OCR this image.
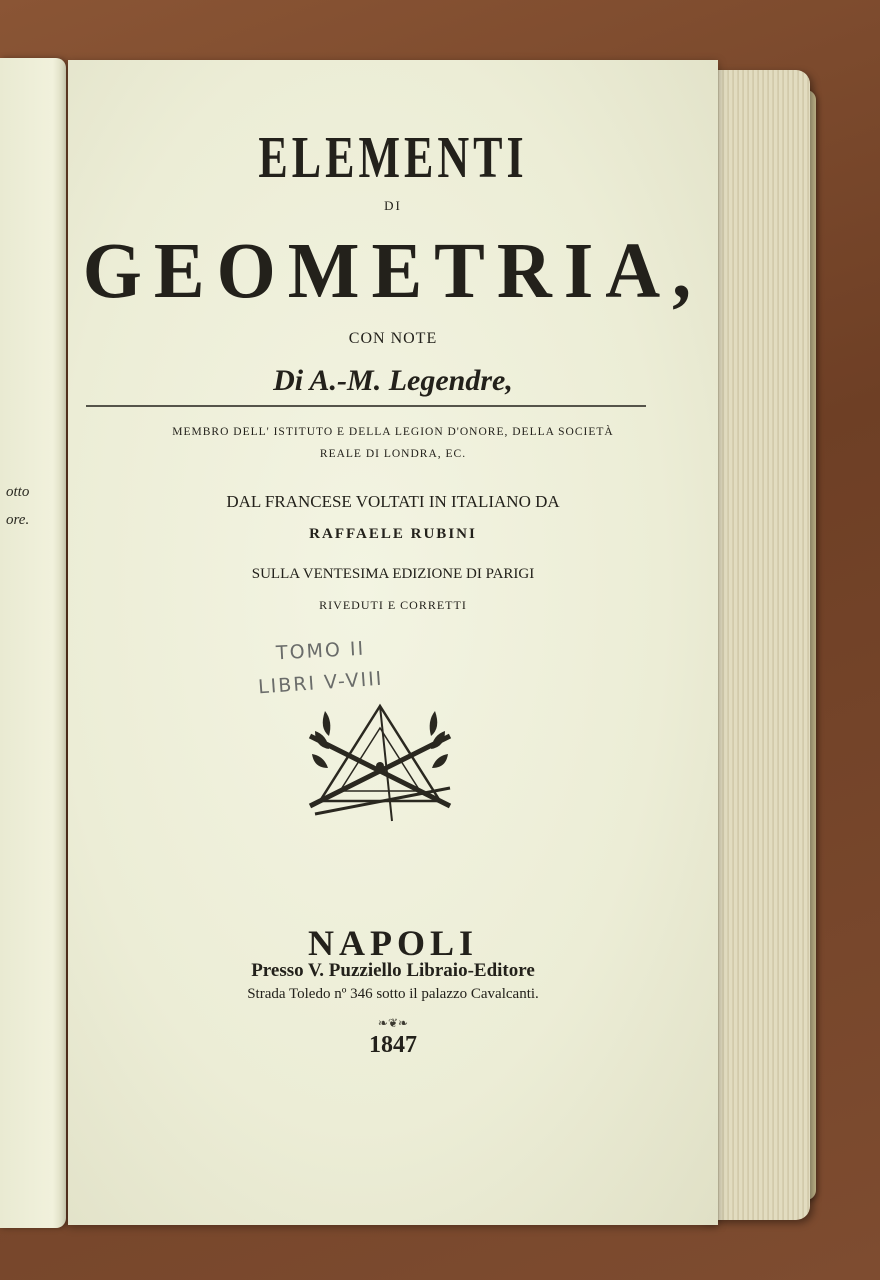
otto
ore.
ELEMENTI
DI
GEOMETRIA,
CON NOTE
Di A.-M. Legendre,
MEMBRO DELL' ISTITUTO E DELLA LEGION D'ONORE, DELLA SOCIETÀ
REALE DI LONDRA, EC.
DAL FRANCESE VOLTATI IN ITALIANO DA
RAFFAELE RUBINI
SULLA VENTESIMA EDIZIONE DI PARIGI
RIVEDUTI E CORRETTI
TOMO II
LIBRI V-VIII
NAPOLI
Presso V. Puzziello Libraio-Editore
Strada Toledo nº 346 sotto il palazzo Cavalcanti.
❧❦❧
1847
